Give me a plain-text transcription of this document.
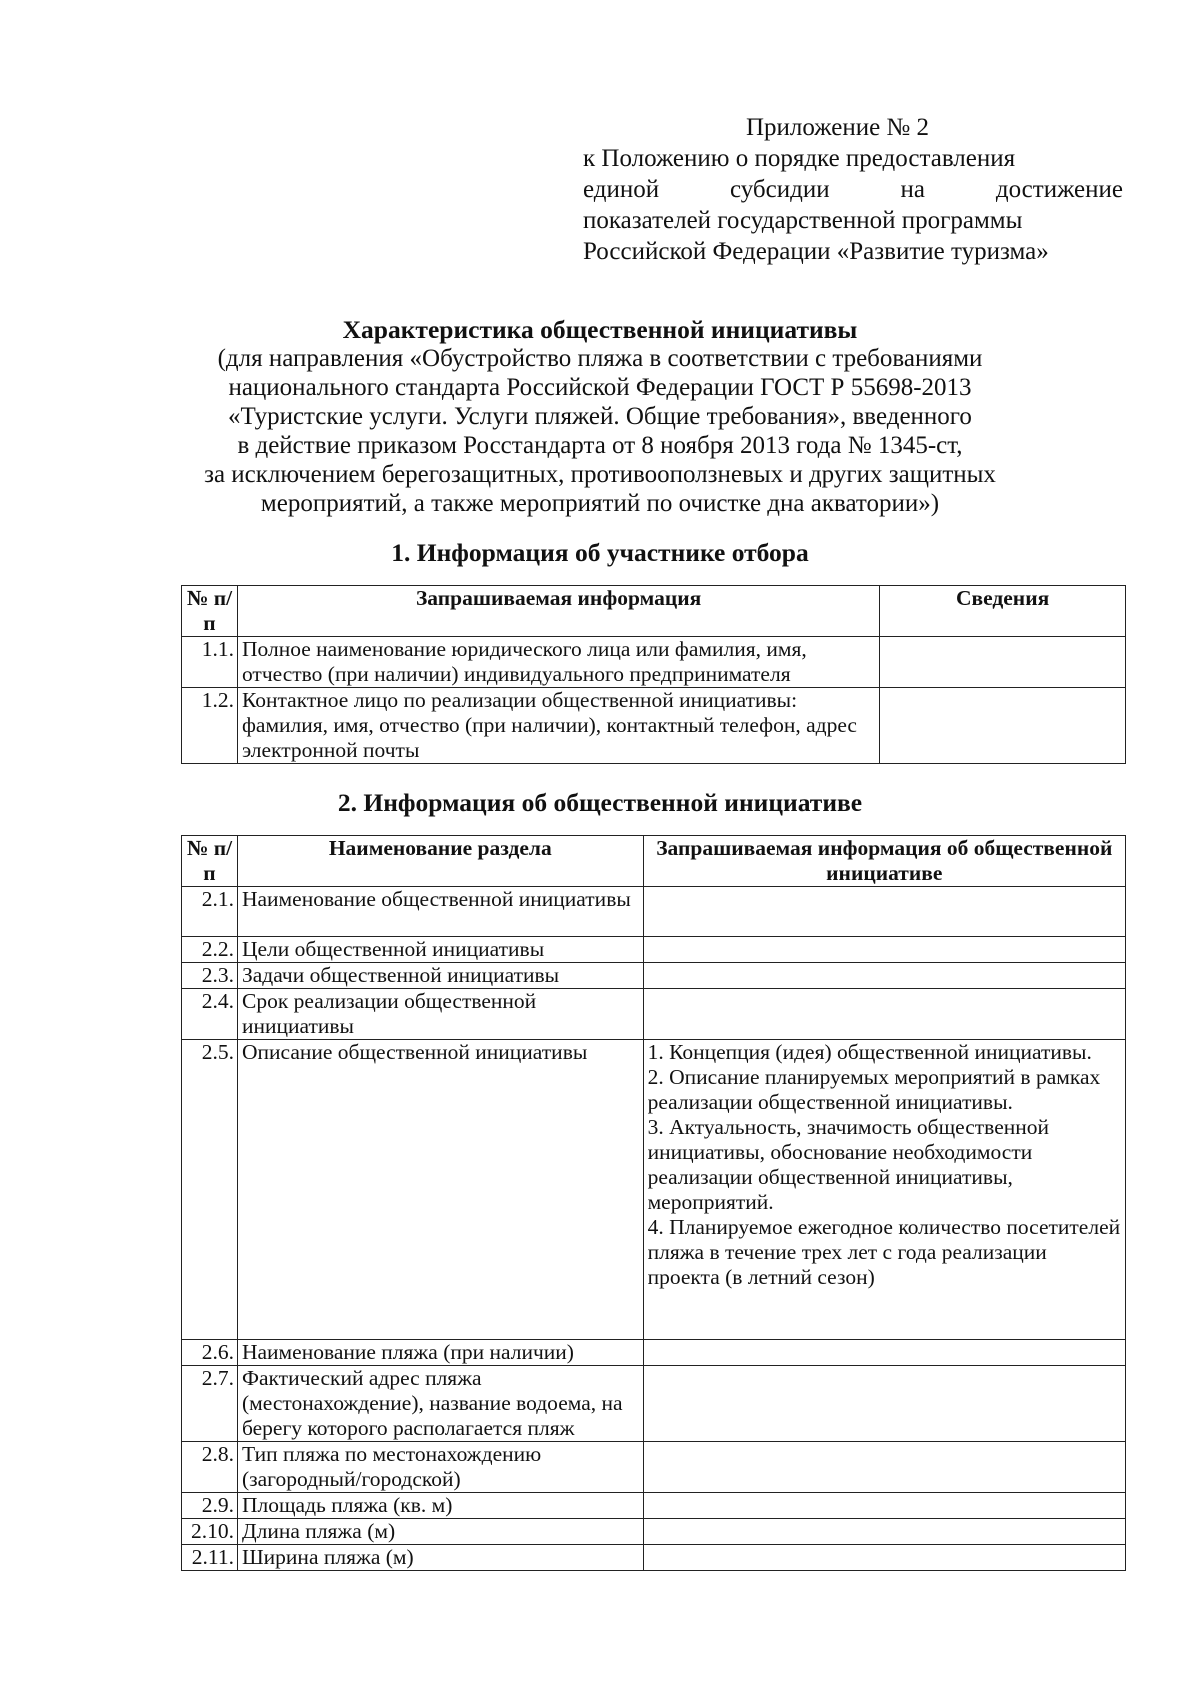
Приложение № 2
к Положению о порядке предоставления
единой	субсидии	на	достижение
показателей государственной программы
Российской Федерации «Развитие туризма»
Характеристика общественной инициативы
(для направления «Обустройство пляжа в соответствии с требованиями
национального стандарта Российской Федерации ГОСТ Р 55698-2013
«Туристские услуги. Услуги пляжей. Общие требования», введенного
в действие приказом Росстандарта от 8 ноября 2013 года № 1345-ст,
за исключением берегозащитных, противооползневых и других защитных
мероприятий, а также мероприятий по очистке дна акватории»)
1. Информация об участнике отбора
№ п/п	Запрашиваемая информация	Сведения
1.1.	Полное наименование юридического лица или фамилия, имя, отчество (при наличии) индивидуального предпринимателя	
1.2.	Контактное лицо по реализации общественной инициативы: фамилия, имя, отчество (при наличии), контактный телефон, адрес электронной почты	
2. Информация об общественной инициативе
№ п/п	Наименование раздела	Запрашиваемая информация об общественной инициативе
2.1.	Наименование общественной инициативы	
2.2.	Цели общественной инициативы	
2.3.	Задачи общественной инициативы	
2.4.	Срок реализации общественной инициативы	
2.5.	Описание общественной инициативы	1. Концепция (идея) общественной инициативы.
2. Описание планируемых мероприятий в рамках реализации общественной инициативы.
3. Актуальность, значимость общественной инициативы, обоснование необходимости реализации общественной инициативы, мероприятий.
4. Планируемое ежегодное количество посетителей пляжа в течение трех лет с года реализации проекта (в летний сезон)

2.6.	Наименование пляжа (при наличии)	
2.7.	Фактический адрес пляжа (местонахождение), название водоема, на берегу которого располагается пляж	
2.8.	Тип пляжа по местонахождению (загородный/городской)	
2.9.	Площадь пляжа (кв. м)	
2.10.	Длина пляжа (м)	
2.11.	Ширина пляжа (м)	
